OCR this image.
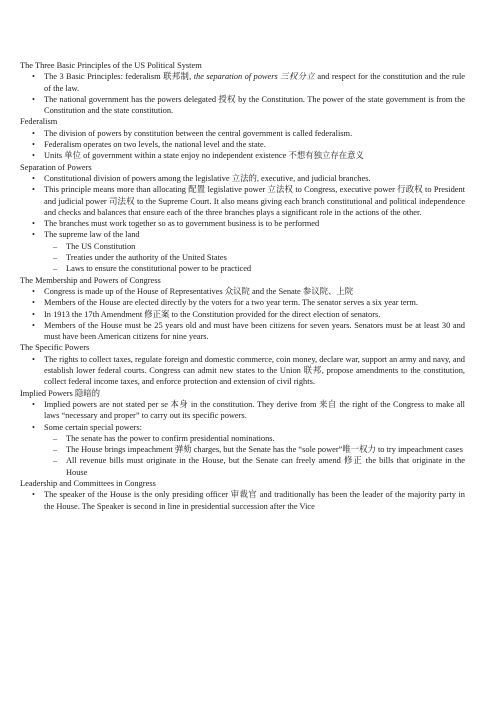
The Three Basic Principles of the US Political System

• The 3 Basic Principles: federalism 联邦制, the separation of powers 三权分立 and respect for the constitution and the rule of the law.
• The national government has the powers delegated 授权 by the Constitution. The power of the state government is from the Constitution and the state constitution.

Federalism

• The division of powers by constitution between the central government is called federalism.
• Federalism operates on two levels, the national level and the state.
• Units 单位 of government within a state enjoy no independent existence 不想有独立存在意义

Separation of Powers

• Constitutional division of powers among the legislative 立法的, executive, and judicial branches.
• This principle means more than allocating 配置 legislative power 立法权 to Congress, executive power 行政权 to President and judicial power 司法权 to the Supreme Court. It also means giving each branch constitutional and political independence and checks and balances that ensure each of the three branches plays a significant role in the actions of the other.
• The branches must work together so as to government business is to be performed
• The supreme law of the land
– The US Constitution
– Treaties under the authority of the United States
– Laws to ensure the constitutional power to be practiced

The Membership and Powers of Congress

• Congress is made up of the House of Representatives 众议院 and the Senate 参议院、上院
• Members of the House are elected directly by the voters for a two year term. The senator serves a six year term.
• In 1913 the 17th Amendment 修正案 to the Constitution provided for the direct election of senators.
• Members of the House must be 25 years old and must have been citizens for seven years. Senators must be at least 30 and must have been American citizens for nine years.

The Specific Powers

• The rights to collect taxes, regulate foreign and domestic commerce, coin money, declare war, support an army and navy, and establish lower federal courts. Congress can admit new states to the Union 联邦, propose amendments to the constitution, collect federal income taxes, and enforce protection and extension of civil rights.

Implied Powers 隐暗的

• Implied powers are not stated per se 本身 in the constitution. They derive from 来自 the right of the Congress to make all laws “necessary and proper” to carry out its specific powers.
• Some certain special powers:
– The senate has the power to confirm presidential nominations.
– The House brings impeachment 弹劾 charges, but the Senate has the “sole power”唯一权力 to try impeachment cases
– All revenue bills must originate in the House, but the Senate can freely amend 修正 the bills that originate in the House

Leadership and Committees in Congress

• The speaker of the House is the only presiding officer 审裁官 and traditionally has been the leader of the majority party in the House. The Speaker is second in line in presidential succession after the Vice
